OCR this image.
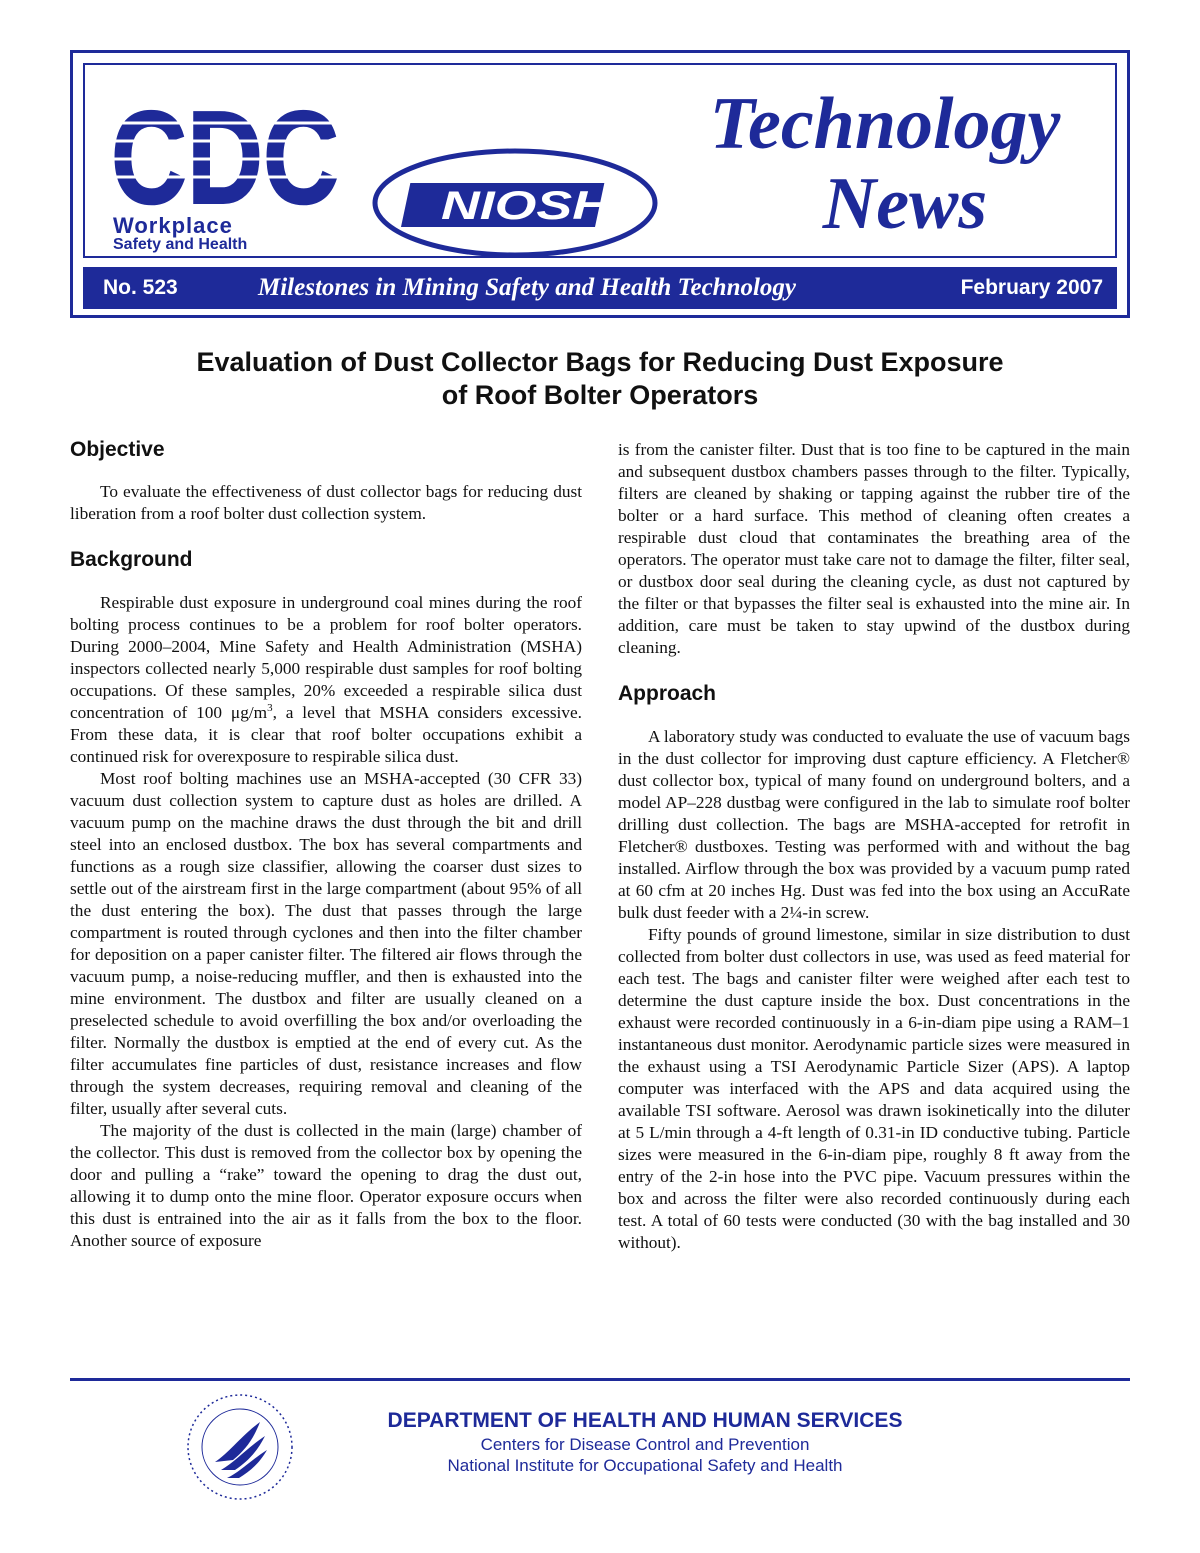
CDC
Workplace
Safety and Health
NIOSH
Technology
News
No. 523	Milestones in Mining Safety and Health Technology	February 2007
Evaluation of Dust Collector Bags for Reducing Dust Exposure
of Roof Bolter Operators
Objective

To evaluate the effectiveness of dust collector bags for reducing dust liberation from a roof bolter dust collection system.

Background

Respirable dust exposure in underground coal mines during the roof bolting process continues to be a problem for roof bolter operators. During 2000–2004, Mine Safety and Health Administration (MSHA) inspectors collected nearly 5,000 respirable dust samples for roof bolting occupations. Of these samples, 20% exceeded a respirable silica dust concentration of 100 $\mu g/m^3$, a level that MSHA considers excessive. From these data, it is clear that roof bolter occupations exhibit a continued risk for overexposure to respirable silica dust.

Most roof bolting machines use an MSHA-accepted (30 CFR 33) vacuum dust collection system to capture dust as holes are drilled. A vacuum pump on the machine draws the dust through the bit and drill steel into an enclosed dustbox. The box has several compartments and functions as a rough size classifier, allowing the coarser dust sizes to settle out of the airstream first in the large compartment (about 95% of all the dust entering the box). The dust that passes through the large compartment is routed through cyclones and then into the filter chamber for deposition on a paper canister filter. The filtered air flows through the vacuum pump, a noise-reducing muffler, and then is exhausted into the mine environment. The dustbox and filter are usually cleaned on a preselected schedule to avoid overfilling the box and/or overloading the filter. Normally the dustbox is emptied at the end of every cut. As the filter accumulates fine particles of dust, resistance increases and flow through the system decreases, requiring removal and cleaning of the filter, usually after several cuts.

The majority of the dust is collected in the main (large) chamber of the collector. This dust is removed from the collector box by opening the door and pulling a “rake” toward the opening to drag the dust out, allowing it to dump onto the mine floor. Operator exposure occurs when this dust is entrained into the air as it falls from the box to the floor. Another source of exposure

is from the canister filter. Dust that is too fine to be captured in the main and subsequent dustbox chambers passes through to the filter. Typically, filters are cleaned by shaking or tapping against the rubber tire of the bolter or a hard surface. This method of cleaning often creates a respirable dust cloud that contaminates the breathing area of the operators. The operator must take care not to damage the filter, filter seal, or dustbox door seal during the cleaning cycle, as dust not captured by the filter or that bypasses the filter seal is exhausted into the mine air. In addition, care must be taken to stay upwind of the dustbox during cleaning.

Approach

A laboratory study was conducted to evaluate the use of vacuum bags in the dust collector for improving dust capture efficiency. A Fletcher® dust collector box, typical of many found on underground bolters, and a model AP–228 dustbag were configured in the lab to simulate roof bolter drilling dust collection. The bags are MSHA-accepted for retrofit in Fletcher® dustboxes. Testing was performed with and without the bag installed. Airflow through the box was provided by a vacuum pump rated at 60 cfm at 20 inches Hg. Dust was fed into the box using an AccuRate bulk dust feeder with a 2¼-in screw.

Fifty pounds of ground limestone, similar in size distribution to dust collected from bolter dust collectors in use, was used as feed material for each test. The bags and canister filter were weighed after each test to determine the dust capture inside the box. Dust concentrations in the exhaust were recorded continuously in a 6-in-diam pipe using a RAM–1 instantaneous dust monitor. Aerodynamic particle sizes were measured in the exhaust using a TSI Aerodynamic Particle Sizer (APS). A laptop computer was interfaced with the APS and data acquired using the available TSI software. Aerosol was drawn isokinetically into the diluter at 5 L/min through a 4-ft length of 0.31-in ID conductive tubing. Particle sizes were measured in the 6-in-diam pipe, roughly 8 ft away from the entry of the 2-in hose into the PVC pipe. Vacuum pressures within the box and across the filter were also recorded continuously during each test. A total of 60 tests were conducted (30 with the bag installed and 30 without).

DEPARTMENT OF HEALTH AND HUMAN SERVICES
Centers for Disease Control and Prevention
National Institute for Occupational Safety and Health
